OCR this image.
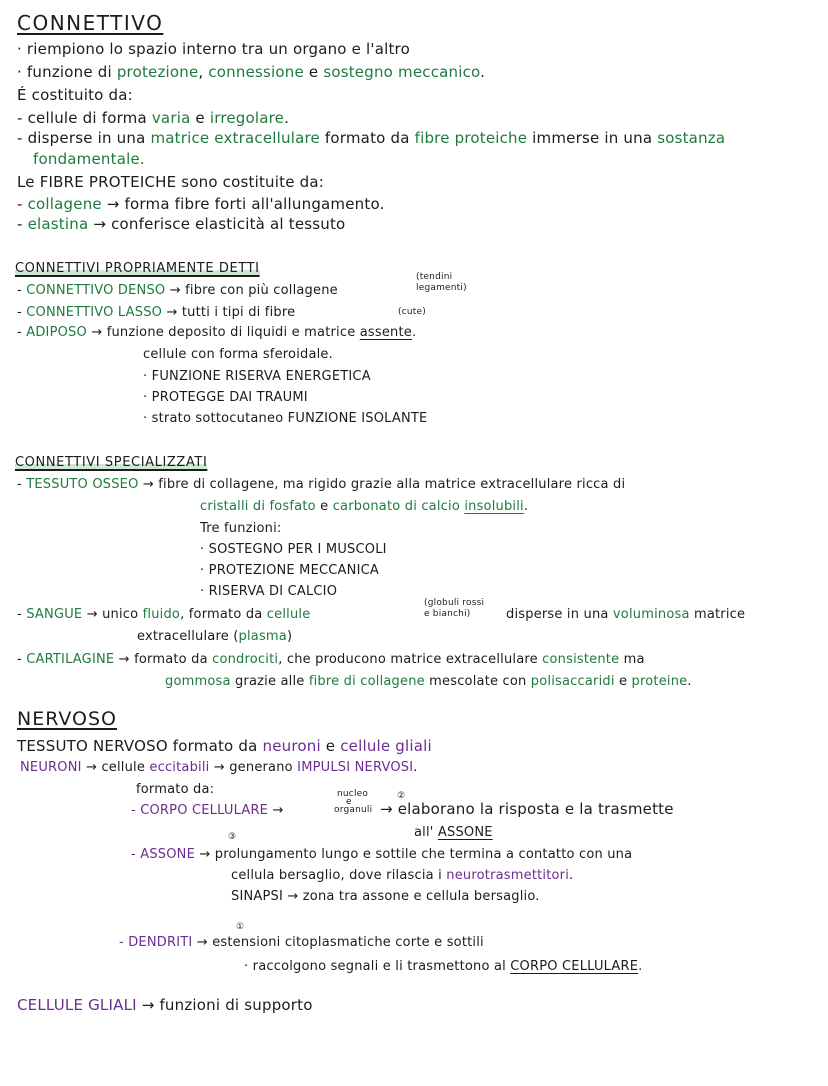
CONNETTIVO
· riempiono lo spazio interno tra un organo e l'altro
· funzione di protezione, connessione e sostegno meccanico.
É costituito da:
- cellule di forma varia e irregolare.
- disperse in una matrice extracellulare formato da fibre proteiche immerse in una sostanza
fondamentale.
Le FIBRE PROTEICHE sono costituite da:
- collagene → forma fibre forti all'allungamento.
- elastina → conferisce elasticità al tessuto
CONNETTIVI PROPRIAMENTE DETTI
- CONNETTIVO DENSO → fibre con più collagene
(tendini
legamenti)
- CONNETTIVO LASSO → tutti i tipi di fibre	(cute)
- ADIPOSO → funzione deposito di liquidi e matrice assente.
cellule con forma sferoidale.
· FUNZIONE RISERVA ENERGETICA
· PROTEGGE DAI TRAUMI
· strato sottocutaneo FUNZIONE ISOLANTE
CONNETTIVI SPECIALIZZATI
- TESSUTO OSSEO → fibre di collagene, ma rigido grazie alla matrice extracellulare ricca di
cristalli di fosfato e carbonato di calcio insolubili.
Tre funzioni:
· SOSTEGNO PER I MUSCOLI
· PROTEZIONE MECCANICA
· RISERVA DI CALCIO
- SANGUE → unico fluido, formato da cellule
(globuli rossi
e bianchi)	disperse in una voluminosa matrice
extracellulare (plasma)
- CARTILAGINE → formato da condrociti, che producono matrice extracellulare consistente ma
gommosa grazie alle fibre di collagene mescolate con polisaccaridi e proteine.
NERVOSO
TESSUTO NERVOSO formato da neuroni e cellule gliali
NEURONI → cellule eccitabili → generano IMPULSI NERVOSI.
formato da:	nucleo
e
organuli
②
- CORPO CELLULARE →	→ elaborano la risposta e la trasmette
all' ASSONE
③
- ASSONE → prolungamento lungo e sottile che termina a contatto con una
cellula bersaglio, dove rilascia i neurotrasmettitori.
SINAPSI → zona tra assone e cellula bersaglio.
①
- DENDRITI → estensioni citoplasmatiche corte e sottili
· raccolgono segnali e li trasmettono al CORPO CELLULARE.
CELLULE GLIALI → funzioni di supporto
